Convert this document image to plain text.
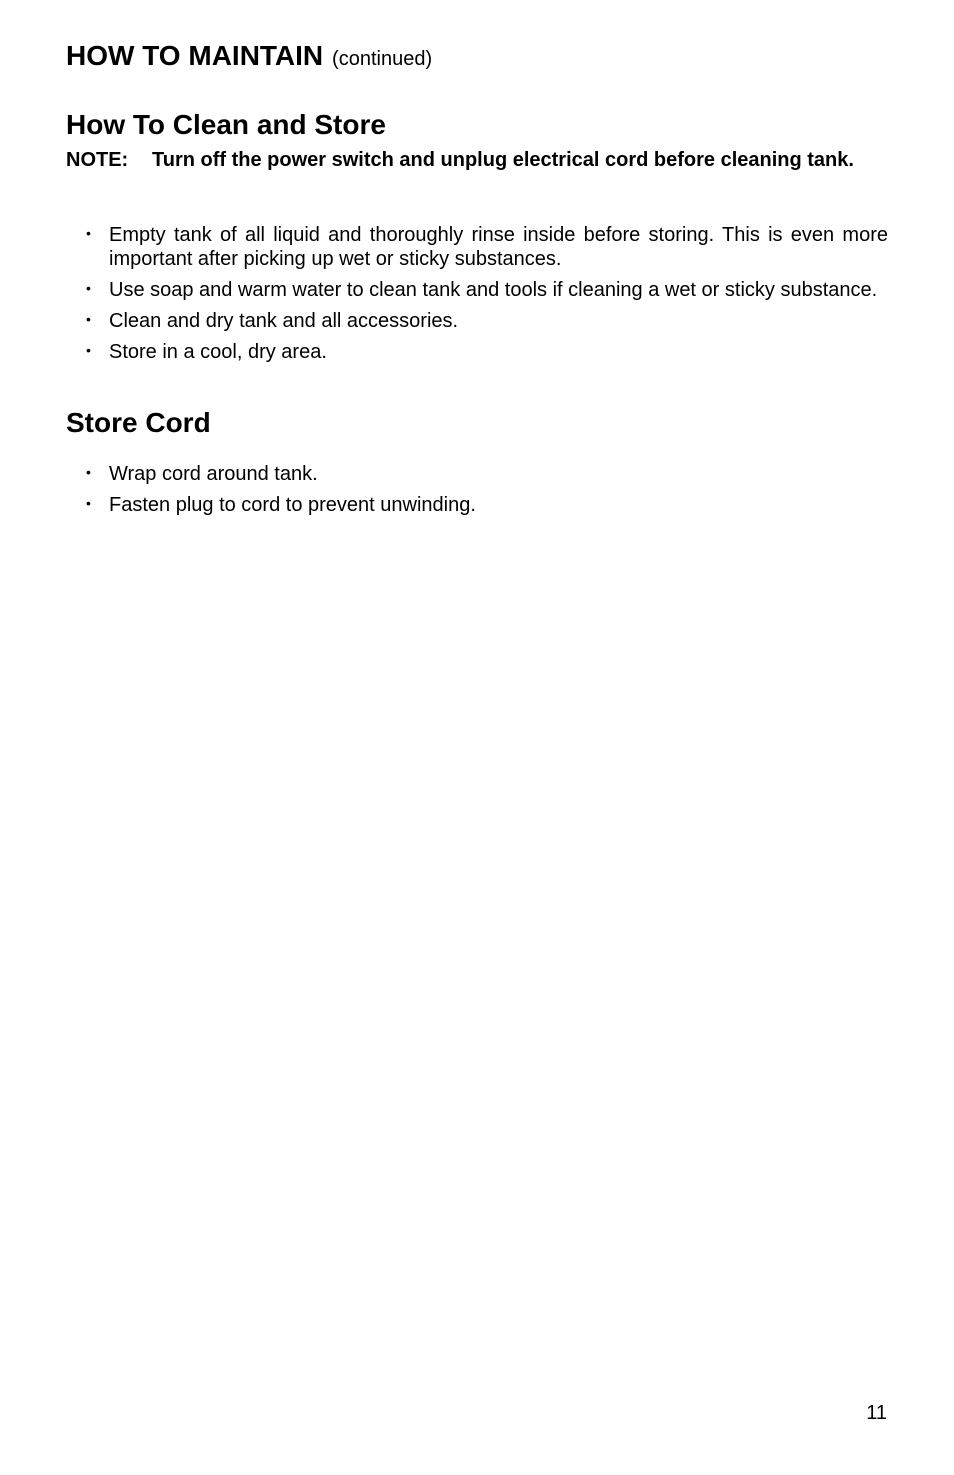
HOW TO MAINTAIN (continued)
How To Clean and Store
NOTE: Turn off the power switch and unplug electrical cord before cleaning tank.
• Empty tank of all liquid and thoroughly rinse inside before storing. This is even more important after picking up wet or sticky substances.
• Use soap and warm water to clean tank and tools if cleaning a wet or sticky substance.
• Clean and dry tank and all accessories.
• Store in a cool, dry area.
Store Cord
• Wrap cord around tank.
• Fasten plug to cord to prevent unwinding.
11
